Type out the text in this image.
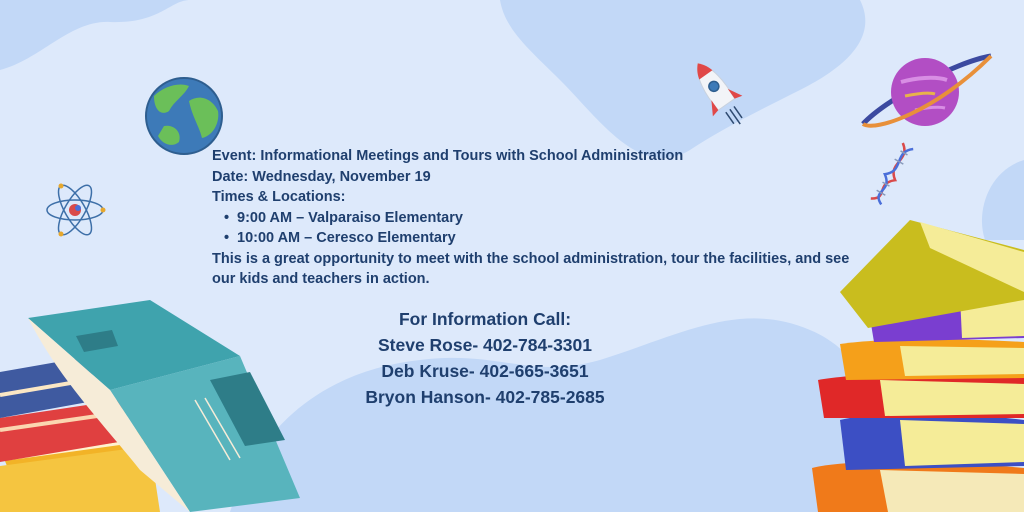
Event: Informational Meetings and Tours with School Administration

Date: Wednesday, November 19

Times & Locations:

• 9:00 AM – Valparaiso Elementary
• 10:00 AM – Ceresco Elementary

This is a great opportunity to meet with the school administration, tour the facilities, and see our kids and teachers in action.

For Information Call:

Steve Rose- 402-784-3301

Deb Kruse- 402-665-3651

Bryon Hanson- 402-785-2685
